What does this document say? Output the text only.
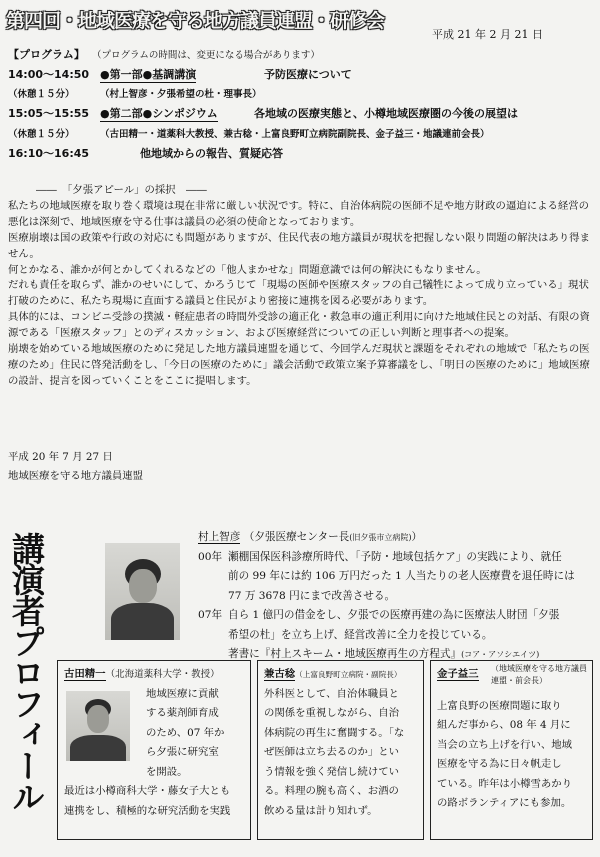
第四回・地域医療を守る地方議員連盟・研修会
平成 21 年 2 月 21 日
【プログラム】 （プログラムの時間は、変更になる場合があります）
14:00〜14:50 ●第一部●基調講演	予防医療について
（休憩１５分）	（村上智彦・夕張希望の杜・理事長）
15:05〜15:55 ●第二部●シンポジウム	各地域の医療実態と、小樽地域医療圏の今後の展望は
（休憩１５分）	（古田精一・道薬科大教授、兼古稔・上富良野町立病院副院長、金子益三・地議連前会長）
16:10〜16:45	他地域からの報告、質疑応答

――　「夕張アピール」の採択　――

私たちの地域医療を取り巻く環境は現在非常に厳しい状況です。特に、自治体病院の医師不足や地方財政の逼迫による経営の悪化は深刻で、地域医療を守る仕事は議員の必須の使命となっております。

医療崩壊は国の政策や行政の対応にも問題がありますが、住民代表の地方議員が現状を把握しない限り問題の解決はあり得ません。

何とかなる、誰かが何とかしてくれるなどの「他人まかせな」問題意識では何の解決にもなりません。

だれも責任を取らず、誰かのせいにして、かろうじて「現場の医師や医療スタッフの自己犠牲によって成り立っている」現状打破のために、私たち現場に直面する議員と住民がより密接に連携を図る必要があります。

具体的には、コンビニ受診の撲滅・軽症患者の時間外受診の適正化・救急車の適正利用に向けた地域住民との対話、有限の資源である「医療スタッフ」とのディスカッション、および医療経営についての正しい判断と理事者への提案。

崩壊を始めている地域医療のために発足した地方議員連盟を通じて、今回学んだ現状と課題をそれぞれの地域で「私たちの医療のため」住民に啓発活動をし、「今日の医療のために」議会活動で政策立案予算審議をし、「明日の医療のために」地域医療の設計、提言を図っていくことをここに提唱します。

平成 20 年 7 月 27 日
地域医療を守る地方議員連盟
講演者プロフィール	村上智彦 （夕張医療センター長(旧夕張市立病院)）
00年 瀬棚国保医科診療所時代、「予防・地域包括ケア」の実践により、就任
前の 99 年には約 106 万円だった 1 人当たりの老人医療費を退任時には
77 万 3678 円にまで改善させる。
07年 自ら 1 億円の借金をし、夕張での医療再建の為に医療法人財団「夕張
希望の杜」を立ち上げ、経営改善に全力を投じている。
著書に『村上スキーム・地域医療再生の方程式』(コア・アソシエイツ)
古田精一（北海道薬科大学・教授）
地域医療に貢献
する薬剤師育成
のため、07 年か
ら夕張に研究室
を開設。
最近は小樽商科大学・藤女子大とも
連携をし、積極的な研究活動を実践
兼古稔（上富良野町立病院・副院長）
外科医として、自治体職員と
の関係を重視しながら、自治
体病院の再生に奮闘する。「な
ぜ医師は立ち去るのか」とい
う情報を強く発信し続けてい
る。料理の腕も高く、お酒の
飲める量は計り知れず。
金子益三	（地域医療を守る地方議員連盟・前会長）
上富良野の医療問題に取り
組んだ事から、08 年 4 月に
当会の立ち上げを行い、地域
医療を守る為に日々帆走し
ている。昨年は小樽雪あかり
の路ボランティアにも参加。
